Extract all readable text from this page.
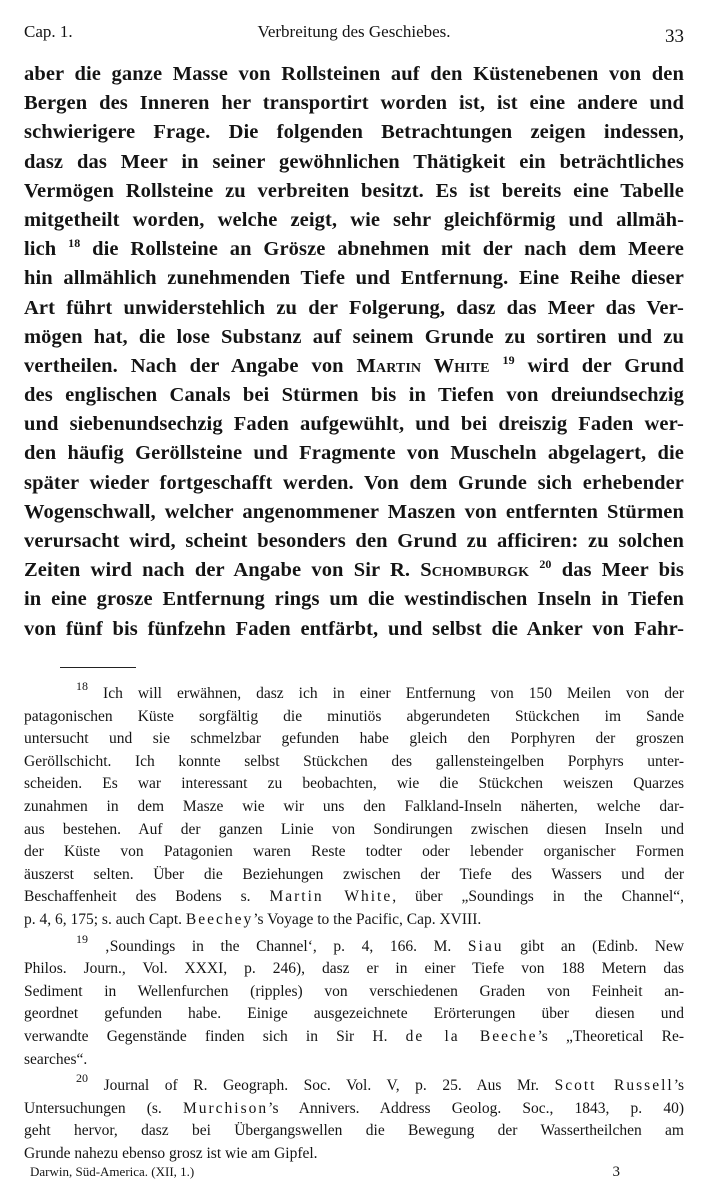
Cap. 1.	Verbreitung des Geschiebes.	33
aber die ganze Masse von Rollsteinen auf den Küstenebenen von den
Bergen des Inneren her transportirt worden ist, ist eine andere und
schwierigere Frage. Die folgenden Betrachtungen zeigen indessen,
dasz das Meer in seiner gewöhnlichen Thätigkeit ein beträchtliches
Vermögen Rollsteine zu verbreiten besitzt. Es ist bereits eine Tabelle
mitgetheilt worden, welche zeigt, wie sehr gleichförmig und allmäh-
lich $^{18}$ die Rollsteine an Grösze abnehmen mit der nach dem Meere
hin allmählich zunehmenden Tiefe und Entfernung. Eine Reihe dieser
Art führt unwiderstehlich zu der Folgerung, dasz das Meer das Ver-
mögen hat, die lose Substanz auf seinem Grunde zu sortiren und zu
vertheilen. Nach der Angabe von Martin White $^{19}$ wird der Grund
des englischen Canals bei Stürmen bis in Tiefen von dreiundsechzig
und siebenundsechzig Faden aufgewühlt, und bei dreiszig Faden wer-
den häufig Geröllsteine und Fragmente von Muscheln abgelagert, die
später wieder fortgeschafft werden. Von dem Grunde sich erhebender
Wogenschwall, welcher angenommener Maszen von entfernten Stürmen
verursacht wird, scheint besonders den Grund zu afficiren: zu solchen
Zeiten wird nach der Angabe von Sir R. Schomburgk $^{20}$ das Meer bis
in eine grosze Entfernung rings um die westindischen Inseln in Tiefen
von fünf bis fünfzehn Faden entfärbt, und selbst die Anker von Fahr-
$^{18}$ Ich will erwähnen, dasz ich in einer Entfernung von 150 Meilen von der
patagonischen Küste sorgfältig die minutiös abgerundeten Stückchen im Sande
untersucht und sie schmelzbar gefunden habe gleich den Porphyren der groszen
Geröllschicht. Ich konnte selbst Stückchen des gallensteingelben Porphyrs unter-
scheiden. Es war interessant zu beobachten, wie die Stückchen weiszen Quarzes
zunahmen in dem Masze wie wir uns den Falkland-Inseln näherten, welche dar-
aus bestehen. Auf der ganzen Linie von Sondirungen zwischen diesen Inseln und
der Küste von Patagonien waren Reste todter oder lebender organischer Formen
äuszerst selten. Über die Beziehungen zwischen der Tiefe des Wassers und der
Beschaffenheit des Bodens s. Martin White, über „Soundings in the Channel“,
p. 4, 6, 175; s. auch Capt. Beechey’s Voyage to the Pacific, Cap. XVIII.
$^{19}$ ‚Soundings in the Channel‘, p. 4, 166. M. Siau gibt an (Edinb. New
Philos. Journ., Vol. XXXI, p. 246), dasz er in einer Tiefe von 188 Metern das
Sediment in Wellenfurchen (ripples) von verschiedenen Graden von Feinheit an-
geordnet gefunden habe. Einige ausgezeichnete Erörterungen über diesen und
verwandte Gegenstände finden sich in Sir H. de la Beeche’s „Theoretical Re-
searches“.
$^{20}$ Journal of R. Geograph. Soc. Vol. V, p. 25. Aus Mr. Scott Russell’s
Untersuchungen (s. Murchison’s Annivers. Address Geolog. Soc., 1843, p. 40)
geht hervor, dasz bei Übergangswellen die Bewegung der Wassertheilchen am
Grunde nahezu ebenso grosz ist wie am Gipfel.
Darwin, Süd-America. (XII, 1.)	3
